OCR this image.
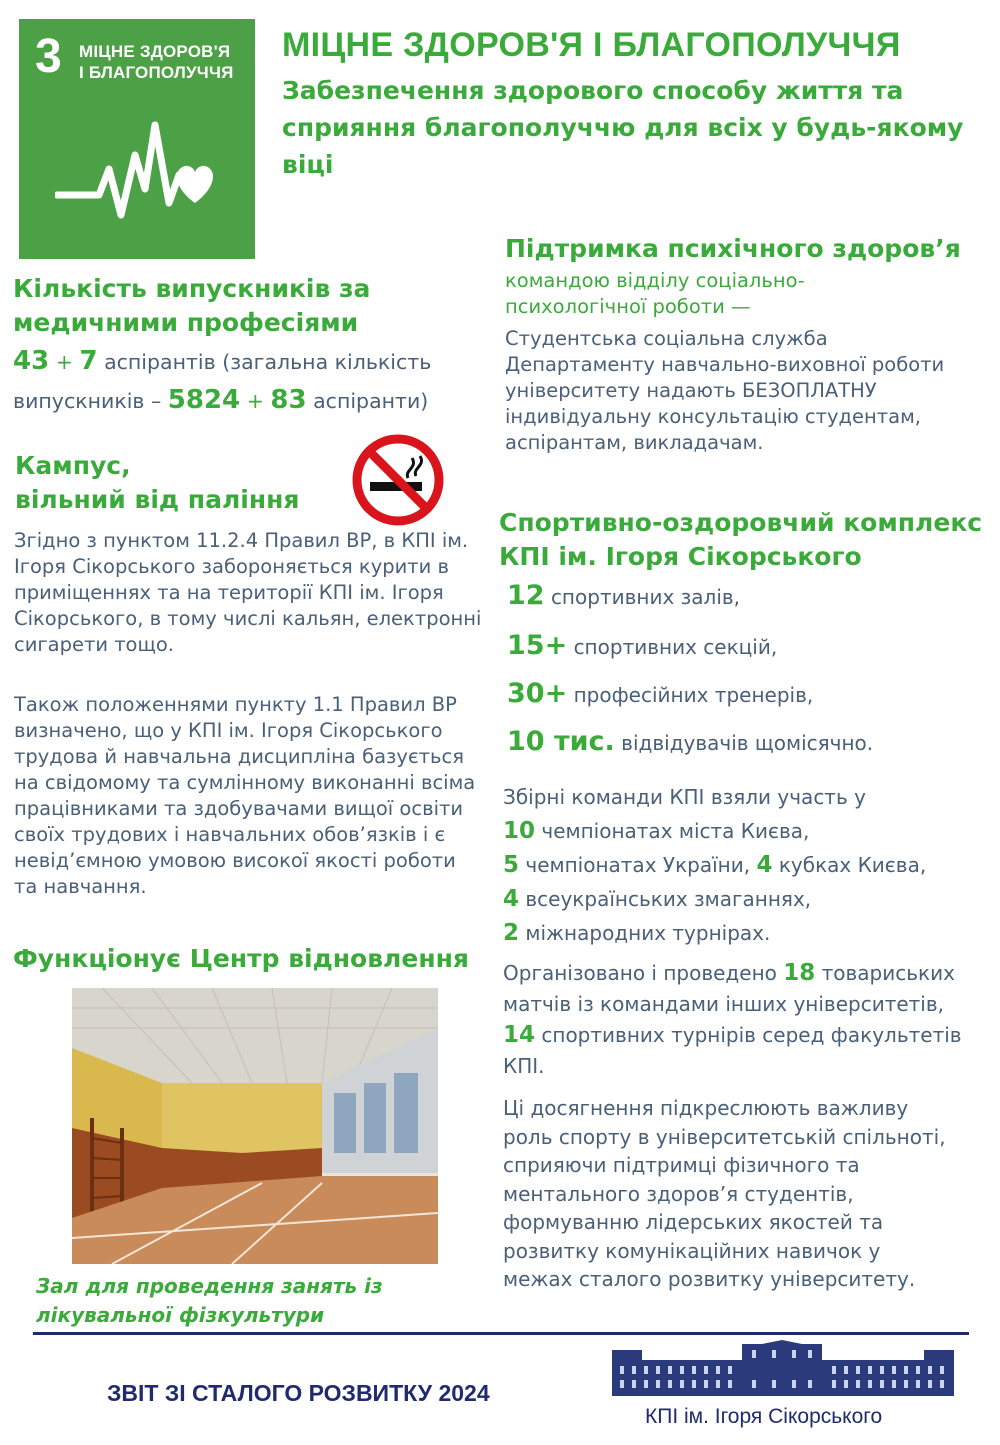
3 МІЦНЕ ЗДОРОВ'Я
І БЛАГОПОЛУЧЧЯ
МІЦНЕ ЗДОРОВ'Я І БЛАГОПОЛУЧЧЯ
Забезпечення здорового способу життя та сприяння благополуччю для всіх у будь-якому віці
Кількість випускників за
медичними професіями
43 + 7 аспірантів (загальна кількість
випускників – 5824 + 83 аспіранти)
Кампус,
вільний від паління
Згідно з пунктом 11.2.4 Правил ВР, в КПІ ім. Ігоря Сікорського забороняється курити в приміщеннях та на території КПІ ім. Ігоря Сікорського, в тому числі кальян, електронні сигарети тощо.
Також положеннями пункту 1.1 Правил ВР визначено, що у КПІ ім. Ігоря Сікорського трудова й навчальна дисципліна базується на свідомому та сумлінному виконанні всіма працівниками та здобувачами вищої освіти своїх трудових і навчальних обов’язків і є невід’ємною умовою високої якості роботи та навчання.
Функціонує Центр відновлення
Зал для проведення занять із
лікувальної фізкультури
Підтримка психічного здоров’я
командою відділу соціально-психологічної роботи —
Студентська соціальна служба Департаменту навчально-виховної роботи університету надають БЕЗОПЛАТНУ індивідуальну консультацію студентам, аспірантам, викладачам.
Спортивно-оздоровчий комплекс
КПІ ім. Ігоря Сікорського
12 спортивних залів,
15+ спортивних секцій,
30+ професійних тренерів,
10 тис. відвідувачів щомісячно.
Збірні команди КПІ взяли участь у
10 чемпіонатах міста Києва,
5 чемпіонатах України, 4 кубках Києва,
4 всеукраїнських змаганнях,
2 міжнародних турнірах.
Організовано і проведено 18 товариських матчів із командами інших університетів, 14 спортивних турнірів серед факультетів КПІ.
Ці досягнення підкреслюють важливу роль спорту в університетській спільноті, сприяючи підтримці фізичного та ментального здоров’я студентів, формуванню лідерських якостей та розвитку комунікаційних навичок у межах сталого розвитку університету.
ЗВІТ ЗІ СТАЛОГО РОЗВИТКУ 2024
КПІ ім. Ігоря Сікорського
